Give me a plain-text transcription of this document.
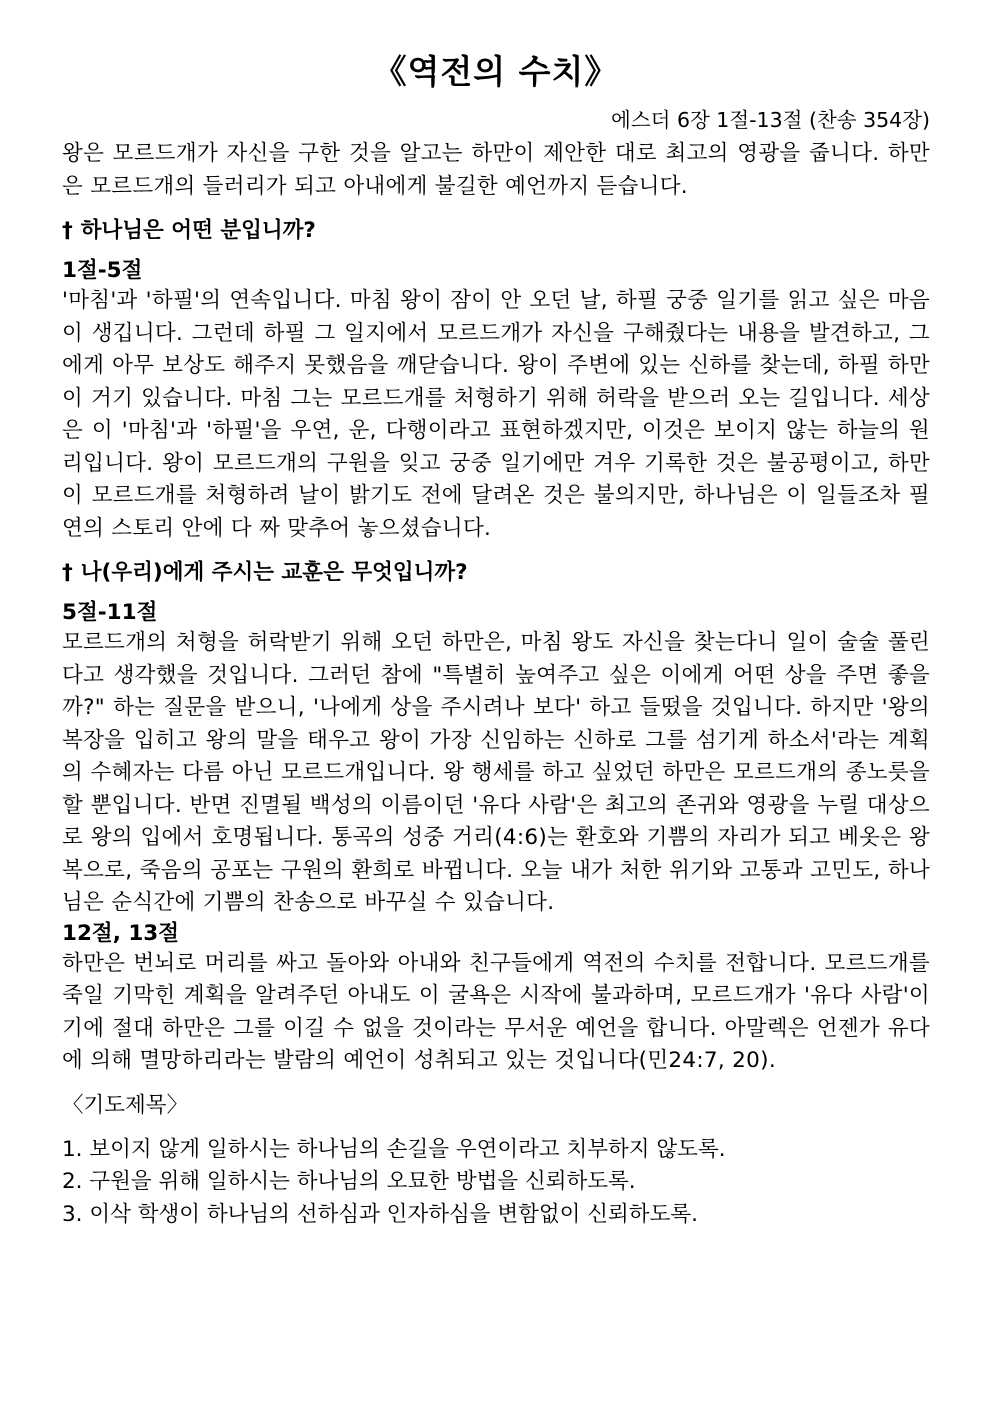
《역전의 수치》
에스더 6장 1절-13절 (찬송 354장)

왕은 모르드개가 자신을 구한 것을 알고는 하만이 제안한 대로 최고의 영광을 줍니다. 하만은 모르드개의 들러리가 되고 아내에게 불길한 예언까지 듣습니다.

† 하나님은 어떤 분입니까?
1절-5절

'마침'과 '하필'의 연속입니다. 마침 왕이 잠이 안 오던 날, 하필 궁중 일기를 읽고 싶은 마음이 생깁니다. 그런데 하필 그 일지에서 모르드개가 자신을 구해줬다는 내용을 발견하고, 그에게 아무 보상도 해주지 못했음을 깨닫습니다. 왕이 주변에 있는 신하를 찾는데, 하필 하만이 거기 있습니다. 마침 그는 모르드개를 처형하기 위해 허락을 받으러 오는 길입니다. 세상은 이 '마침'과 '하필'을 우연, 운, 다행이라고 표현하겠지만, 이것은 보이지 않는 하늘의 원리입니다. 왕이 모르드개의 구원을 잊고 궁중 일기에만 겨우 기록한 것은 불공평이고, 하만이 모르드개를 처형하려 날이 밝기도 전에 달려온 것은 불의지만, 하나님은 이 일들조차 필연의 스토리 안에 다 짜 맞추어 놓으셨습니다.

† 나(우리)에게 주시는 교훈은 무엇입니까?
5절-11절

모르드개의 처형을 허락받기 위해 오던 하만은, 마침 왕도 자신을 찾는다니 일이 술술 풀린다고 생각했을 것입니다. 그러던 참에 "특별히 높여주고 싶은 이에게 어떤 상을 주면 좋을까?" 하는 질문을 받으니, '나에게 상을 주시려나 보다' 하고 들떴을 것입니다. 하지만 '왕의 복장을 입히고 왕의 말을 태우고 왕이 가장 신임하는 신하로 그를 섬기게 하소서'라는 계획의 수혜자는 다름 아닌 모르드개입니다. 왕 행세를 하고 싶었던 하만은 모르드개의 종노릇을 할 뿐입니다. 반면 진멸될 백성의 이름이던 '유다 사람'은 최고의 존귀와 영광을 누릴 대상으로 왕의 입에서 호명됩니다. 통곡의 성중 거리(4:6)는 환호와 기쁨의 자리가 되고 베옷은 왕복으로, 죽음의 공포는 구원의 환희로 바뀝니다. 오늘 내가 처한 위기와 고통과 고민도, 하나님은 순식간에 기쁨의 찬송으로 바꾸실 수 있습니다.

12절, 13절

하만은 번뇌로 머리를 싸고 돌아와 아내와 친구들에게 역전의 수치를 전합니다. 모르드개를 죽일 기막힌 계획을 알려주던 아내도 이 굴욕은 시작에 불과하며, 모르드개가 '유다 사람'이기에 절대 하만은 그를 이길 수 없을 것이라는 무서운 예언을 합니다. 아말렉은 언젠가 유다에 의해 멸망하리라는 발람의 예언이 성취되고 있는 것입니다(민24:7, 20).

〈기도제목〉
1. 보이지 않게 일하시는 하나님의 손길을 우연이라고 치부하지 않도록.
2. 구원을 위해 일하시는 하나님의 오묘한 방법을 신뢰하도록.
3. 이삭 학생이 하나님의 선하심과 인자하심을 변함없이 신뢰하도록.
